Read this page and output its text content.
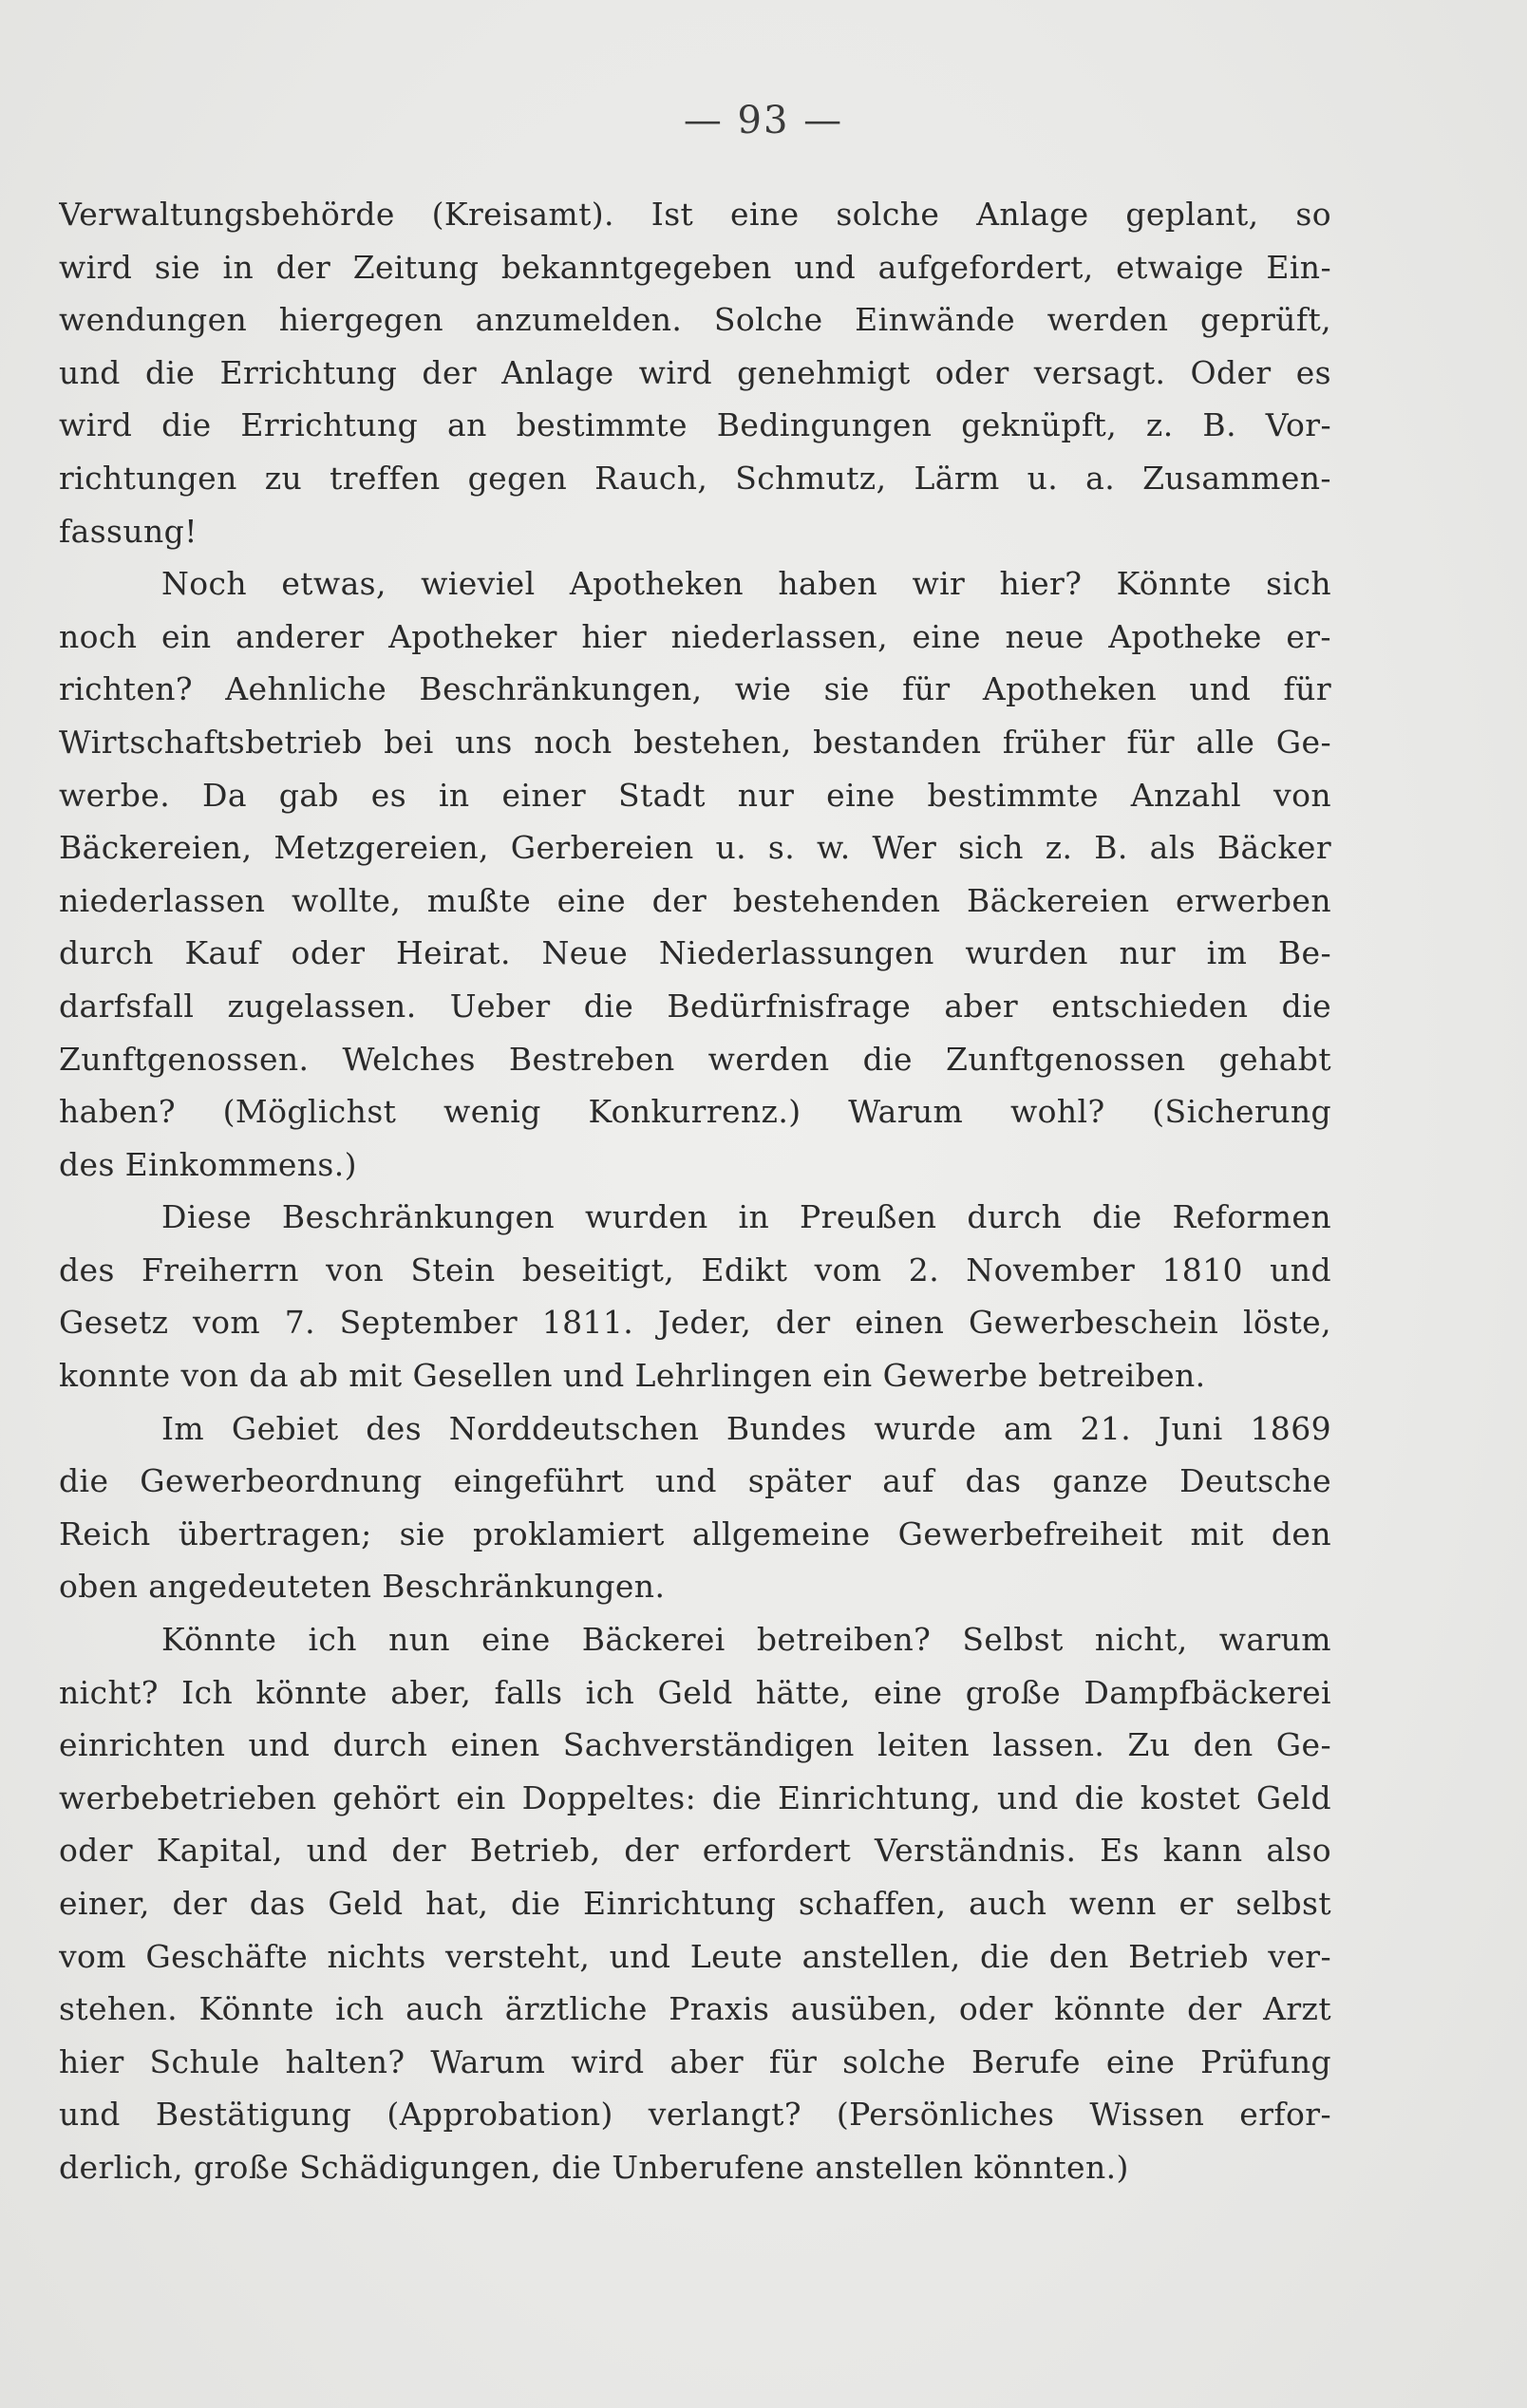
— 93 —
Verwaltungsbehörde (Kreisamt). Ist eine solche Anlage geplant, so
wird sie in der Zeitung bekanntgegeben und aufgefordert, etwaige Ein-
wendungen hiergegen anzumelden. Solche Einwände werden geprüft,
und die Errichtung der Anlage wird genehmigt oder versagt. Oder es
wird die Errichtung an bestimmte Bedingungen geknüpft, z. B. Vor-
richtungen zu treffen gegen Rauch, Schmutz, Lärm u. a. Zusammen-
fassung!
Noch etwas, wieviel Apotheken haben wir hier? Könnte sich
noch ein anderer Apotheker hier niederlassen, eine neue Apotheke er-
richten? Aehnliche Beschränkungen, wie sie für Apotheken und für
Wirtschaftsbetrieb bei uns noch bestehen, bestanden früher für alle Ge-
werbe. Da gab es in einer Stadt nur eine bestimmte Anzahl von
Bäckereien, Metzgereien, Gerbereien u. s. w. Wer sich z. B. als Bäcker
niederlassen wollte, mußte eine der bestehenden Bäckereien erwerben
durch Kauf oder Heirat. Neue Niederlassungen wurden nur im Be-
darfsfall zugelassen. Ueber die Bedürfnisfrage aber entschieden die
Zunftgenossen. Welches Bestreben werden die Zunftgenossen gehabt
haben? (Möglichst wenig Konkurrenz.) Warum wohl? (Sicherung
des Einkommens.)
Diese Beschränkungen wurden in Preußen durch die Reformen
des Freiherrn von Stein beseitigt, Edikt vom 2. November 1810 und
Gesetz vom 7. September 1811. Jeder, der einen Gewerbeschein löste,
konnte von da ab mit Gesellen und Lehrlingen ein Gewerbe betreiben.
Im Gebiet des Norddeutschen Bundes wurde am 21. Juni 1869
die Gewerbeordnung eingeführt und später auf das ganze Deutsche
Reich übertragen; sie proklamiert allgemeine Gewerbefreiheit mit den
oben angedeuteten Beschränkungen.
Könnte ich nun eine Bäckerei betreiben? Selbst nicht, warum
nicht? Ich könnte aber, falls ich Geld hätte, eine große Dampfbäckerei
einrichten und durch einen Sachverständigen leiten lassen. Zu den Ge-
werbebetrieben gehört ein Doppeltes: die Einrichtung, und die kostet Geld
oder Kapital, und der Betrieb, der erfordert Verständnis. Es kann also
einer, der das Geld hat, die Einrichtung schaffen, auch wenn er selbst
vom Geschäfte nichts versteht, und Leute anstellen, die den Betrieb ver-
stehen. Könnte ich auch ärztliche Praxis ausüben, oder könnte der Arzt
hier Schule halten? Warum wird aber für solche Berufe eine Prüfung
und Bestätigung (Approbation) verlangt? (Persönliches Wissen erfor-
derlich, große Schädigungen, die Unberufene anstellen könnten.)
